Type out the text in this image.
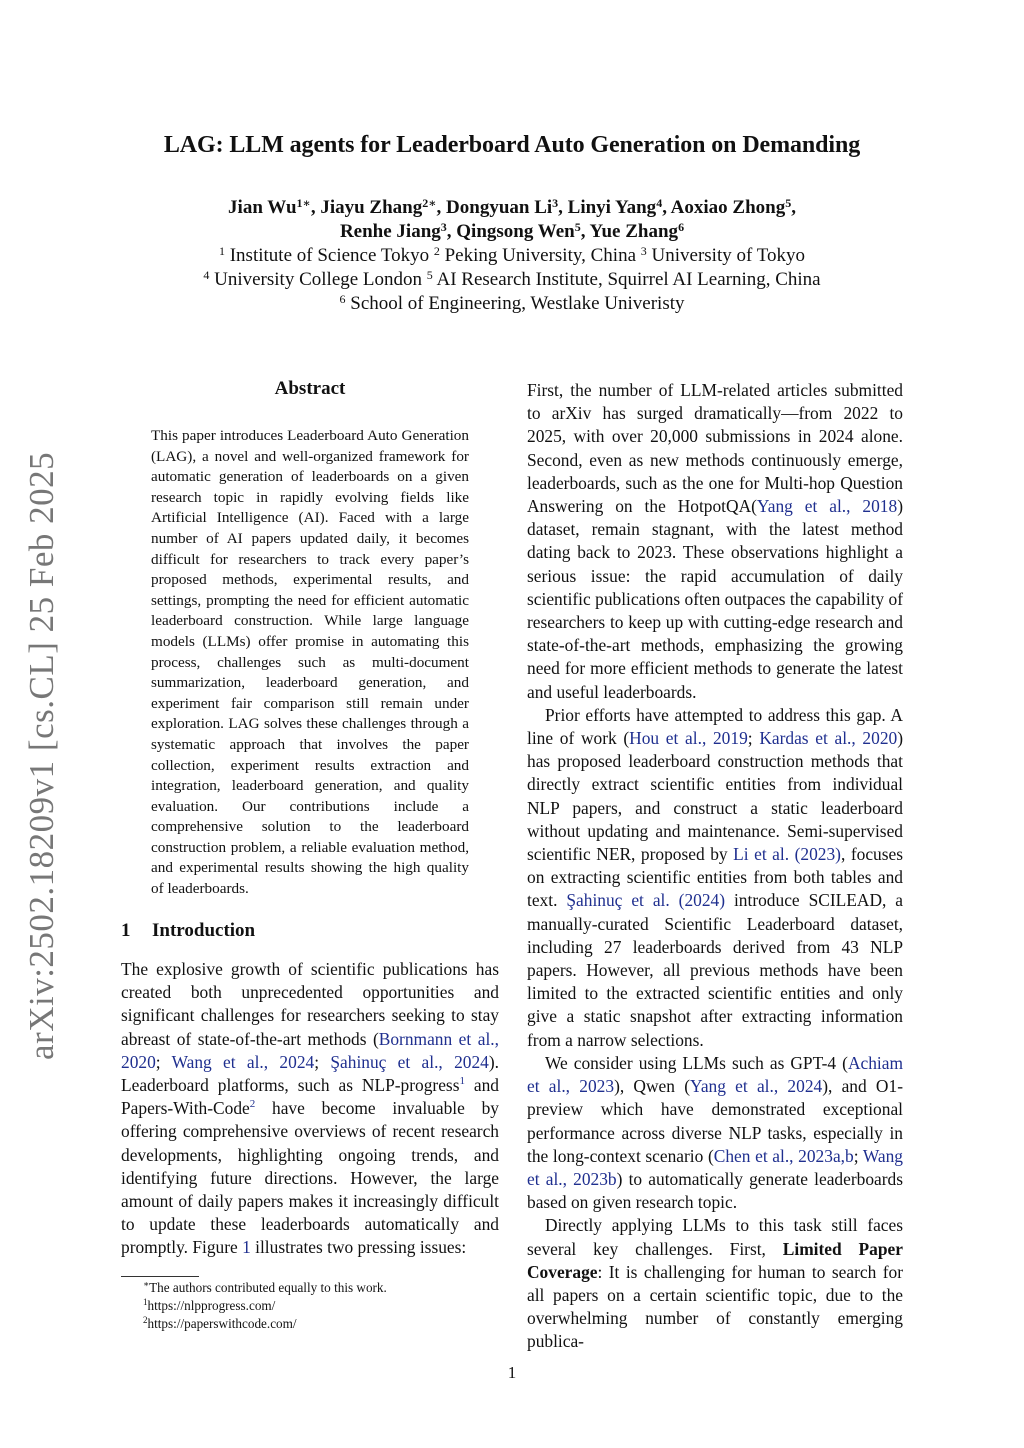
LAG: LLM agents for Leaderboard Auto Generation on Demanding
Jian $Wu^{1∗}$, Jiayu Zhang$^{2∗}$, Dongyuan Li$^3$, Linyi Yang$^4$, Aoxiao Zhong$^5$,
Renhe Jiang$^3$, Qingsong Wen$^5$, Yue Zhang$^6$
$^1$ Institute of Science Tokyo $^2$ Peking University, China $^3$ University of Tokyo
$^4$ University College London $^5$ AI Research Institute, Squirrel AI Learning, China
$^6$ School of Engineering, Westlake Univeristy
arXiv:2502.18209v1 [cs.CL] 25 Feb 2025
Abstract
This paper introduces Leaderboard Auto Generation (LAG), a novel and well-organized framework for automatic generation of leaderboards on a given research topic in rapidly evolving fields like Artificial Intelligence (AI). Faced with a large number of AI papers updated daily, it becomes difficult for researchers to track every paper’s proposed methods, experimental results, and settings, prompting the need for efficient automatic leaderboard construction. While large language models (LLMs) offer promise in automating this process, challenges such as multi-document summarization, leaderboard generation, and experiment fair comparison still remain under exploration. LAG solves these challenges through a systematic approach that involves the paper collection, experiment results extraction and integration, leaderboard generation, and quality evaluation. Our contributions include a comprehensive solution to the leaderboard construction problem, a reliable evaluation method, and experimental results showing the high quality of leaderboards.
1 Introduction

The explosive growth of scientific publications has created both unprecedented opportunities and significant challenges for researchers seeking to stay abreast of state-of-the-art methods (Bornmann et al., 2020; Wang et al., 2024; Şahinuç et al., 2024). Leaderboard platforms, such as NLP-progress$^1$ and Papers-With-Code$^2$ have become invaluable by offering comprehensive overviews of recent research developments, highlighting ongoing trends, and identifying future directions. However, the large amount of daily papers makes it increasingly difficult to update these leaderboards automatically and promptly. Figure 1 illustrates two pressing issues:

∗The authors contributed equally to this work.
$^1$https://nlpprogress.com/
$^2$https://paperswithcode.com/

First, the number of LLM-related articles submitted to arXiv has surged dramatically—from 2022 to 2025, with over 20,000 submissions in 2024 alone. Second, even as new methods continuously emerge, leaderboards, such as the one for Multi-hop Question Answering on the HotpotQA(Yang et al., 2018) dataset, remain stagnant, with the latest method dating back to 2023. These observations highlight a serious issue: the rapid accumulation of daily scientific publications often outpaces the capability of researchers to keep up with cutting-edge research and state-of-the-art methods, emphasizing the growing need for more efficient methods to generate the latest and useful leaderboards.

Prior efforts have attempted to address this gap. A line of work (Hou et al., 2019; Kardas et al., 2020) has proposed leaderboard construction methods that directly extract scientific entities from individual NLP papers, and construct a static leaderboard without updating and maintenance. Semi-supervised scientific NER, proposed by Li et al. (2023), focuses on extracting scientific entities from both tables and text. Şahinuç et al. (2024) introduce SCILEAD, a manually-curated Scientific Leaderboard dataset, including 27 leaderboards derived from 43 NLP papers. However, all previous methods have been limited to the extracted scientific entities and only give a static snapshot after extracting information from a narrow selections.

We consider using LLMs such as GPT-4 (Achiam et al., 2023), Qwen (Yang et al., 2024), and O1-preview which have demonstrated exceptional performance across diverse NLP tasks, especially in the long-context scenario (Chen et al., 2023a,b; Wang et al., 2023b) to automatically generate leaderboards based on given research topic.

Directly applying LLMs to this task still faces several key challenges. First, Limited Paper Coverage: It is challenging for human to search for all papers on a certain scientific topic, due to the overwhelming number of constantly emerging publica-

1
